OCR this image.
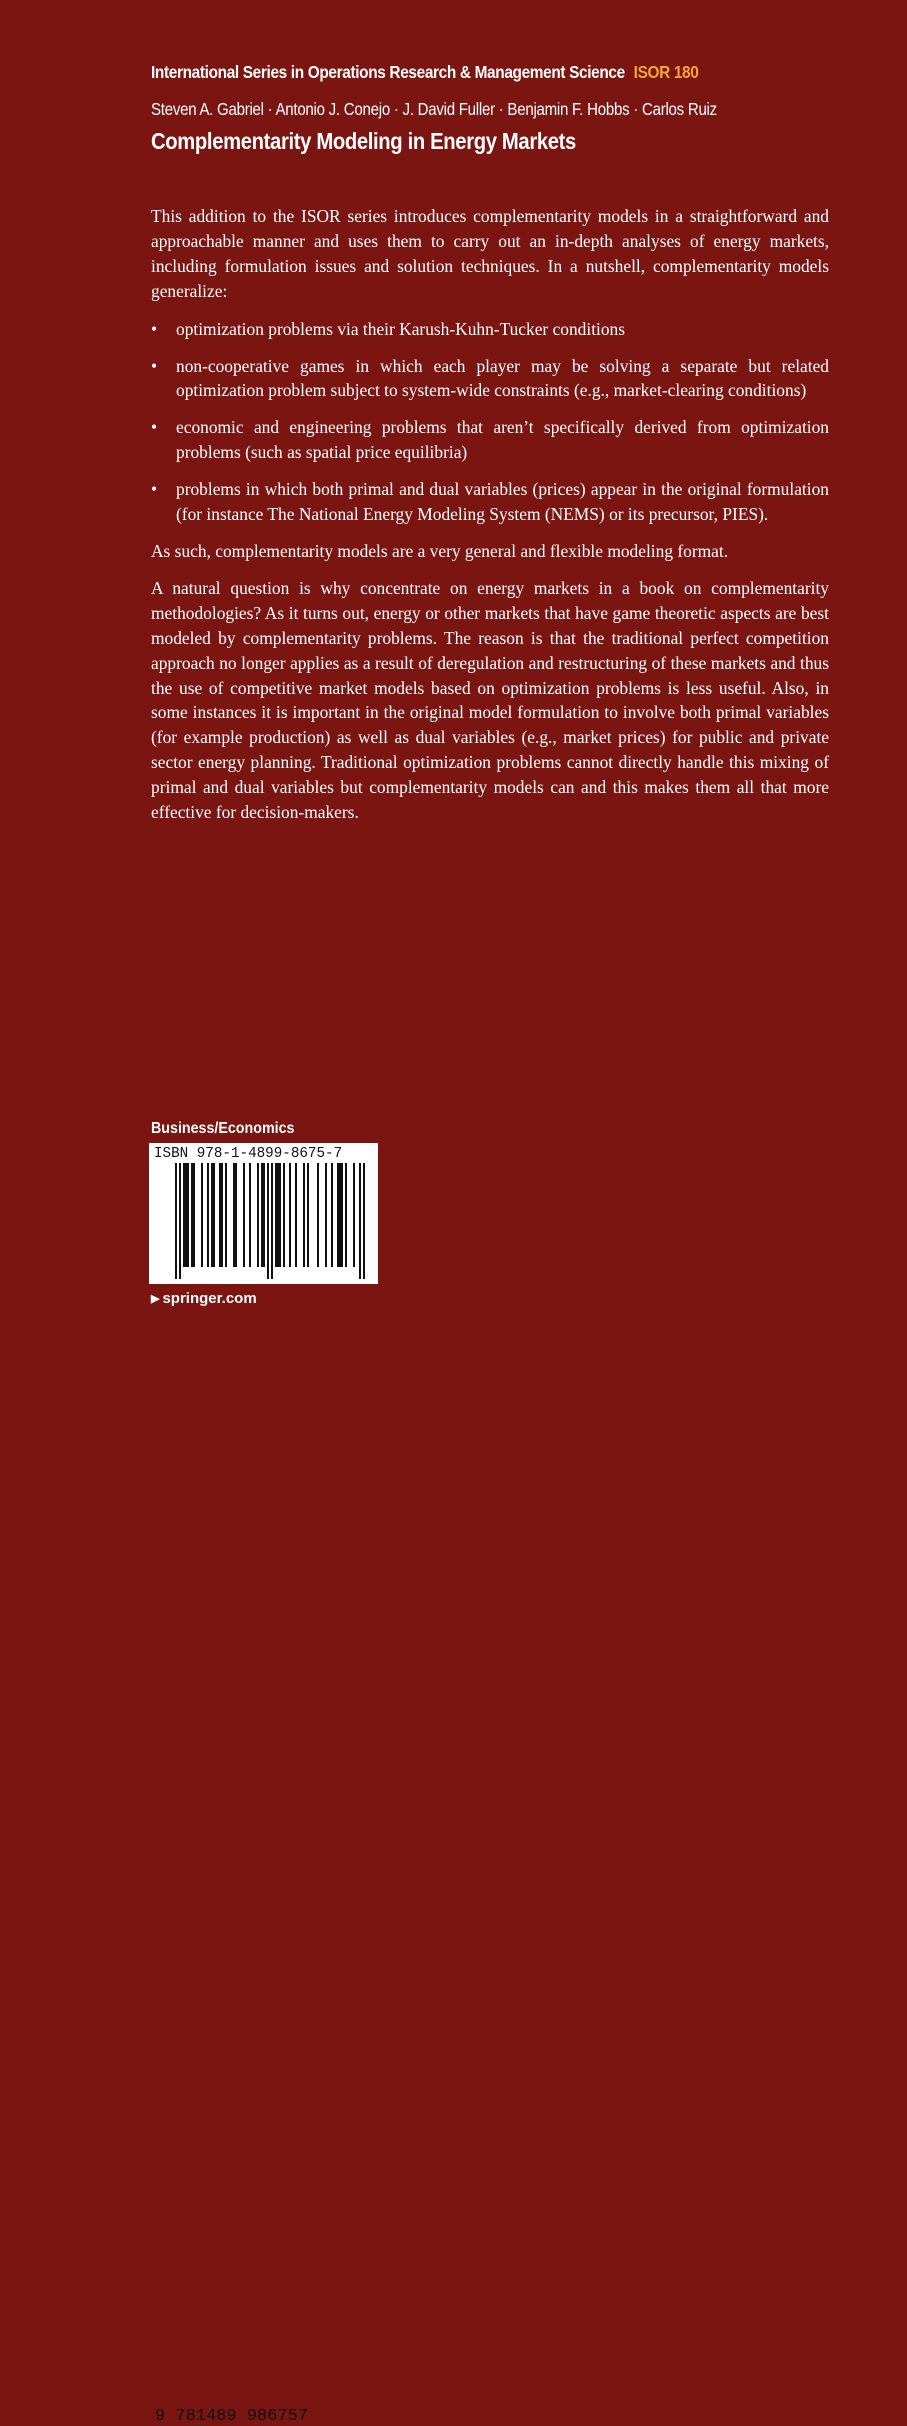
International Series in Operations Research & Management Science ISOR 180
Steven A. Gabriel · Antonio J. Conejo · J. David Fuller · Benjamin F. Hobbs · Carlos Ruiz
Complementarity Modeling in Energy Markets

This addition to the ISOR series introduces complementarity models in a straightforward and approachable manner and uses them to carry out an in-depth analyses of energy markets, including formulation issues and solution techniques. In a nutshell, complementarity models generalize:

• optimization problems via their Karush-Kuhn-Tucker conditions
• non-cooperative games in which each player may be solving a separate but related optimization problem subject to system-wide constraints (e.g., market-clearing conditions)
• economic and engineering problems that aren’t specifically derived from optimization problems (such as spatial price equilibria)
• problems in which both primal and dual variables (prices) appear in the original formulation (for instance The National Energy Modeling System (NEMS) or its precursor, PIES).

As such, complementarity models are a very general and flexible modeling format.

A natural question is why concentrate on energy markets in a book on complementarity methodologies? As it turns out, energy or other markets that have game theoretic aspects are best modeled by complementarity problems. The reason is that the traditional perfect competition approach no longer applies as a result of deregulation and restructuring of these markets and thus the use of competitive market models based on optimization problems is less useful. Also, in some instances it is important in the original model formulation to involve both primal variables (for example production) as well as dual variables (e.g., market prices) for public and private sector energy planning. Traditional optimization problems cannot directly handle this mixing of primal and dual variables but complementarity models can and this makes them all that more effective for decision-makers.

Business/Economics
ISBN 978-1-4899-8675-7
9 781489 986757
▶ springer.com
